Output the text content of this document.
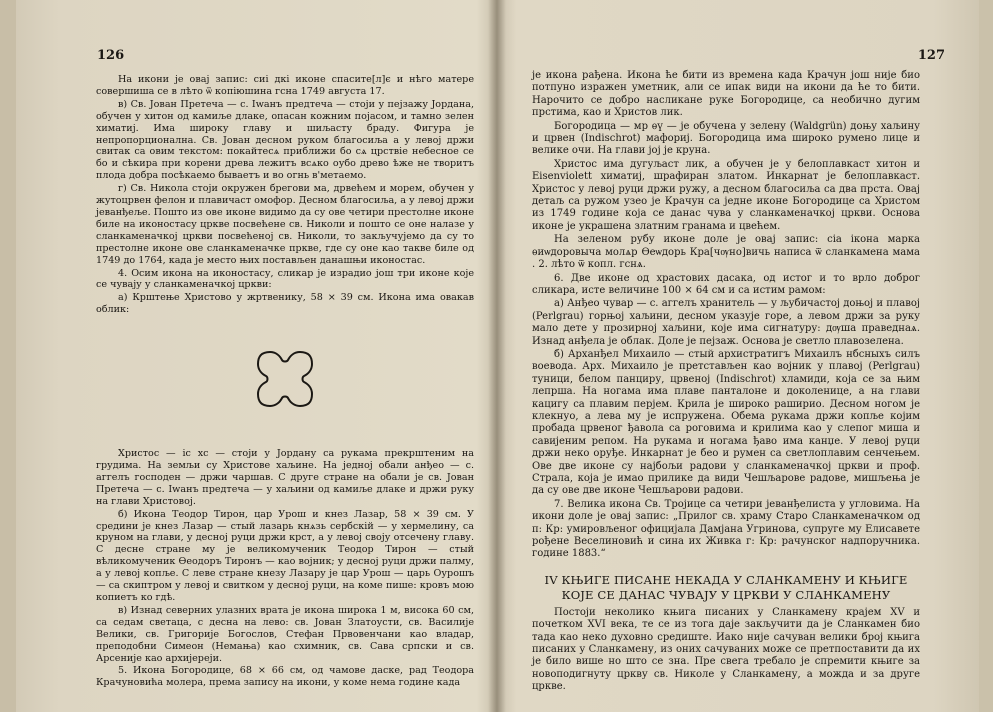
126

На икони је овај запис: сиі дкі иконе спасите[л]є и нѣго матере совершиша се в лѣто ѿ копіюшина гсна 1749 августа 17.

в) Св. Јован Претеча — с. Іwанъ предтеча — стоји у пејзажу Јордана, обучен у хитон од камиље длаке, опасан кожним појасом, и тамно зелен химатиј. Има широку главу и шиљасту браду. Фигура је непропорционална. Св. Јован десном руком благосиља а у левој држи свитак са овим текстом: покайтесѧ приближи бо сѧ црствіе небесное се бо и сѣкира при корени древа лежитъ всѧко оубо древо ѣже не творитъ плода добра посѣкаемо бываетъ и во огнь в'метаемо.

г) Св. Никола стоји окружен брегови ма, дрвећем и морем, обучен у жутоцрвен фелон и плавичаст омофор. Десном благосиља, а у левој држи јеванђеље. Пошто из ове иконе видимо да су ове четири престолне иконе биле на иконостасу цркве посвећене св. Николи и пошто се оне налазе у сланкаменачкој цркви посвећеној св. Николи, то закључујемо да су то престолне иконе ове сланкаменачке прквe, где су оне као такве биле од 1749 до 1764, када је место њих постављен данашњи иконостас.

4. Осим икона на иконостасу, сликар је израдио још три иконе које се чувају у сланкаменачкој цркви:

а) Крштење Христово у жртвенику, 58 × 39 см. Икона има овакав облик:

Христос — іс хс — стоји у Јордану са рукама прекрштеним на грудима. На земљи су Христове хаљине. На једној обали анђео — с. аггелъ господен — држи чаршав. С друге стране на обали је св. Јован Претеча — с. Іwанъ предтеча — у хаљини од камиље длаке и држи руку на глави Христовој.

б) Икона Теодор Тирон, цар Урош и кнез Лазар, 58 × 39 см. У средини је кнез Лазар — стый лазарь кнѧзь сербскій — у хермелину, са круном на глави, у десној руци држи крст, а у левој своју отсечену главу. С десне стране му је великомученик Теодор Тирон — стый вѣликомученик Ѳеодоръ Тиронъ — као војник; у десној руци држи палму, а у левој копље. С леве стране кнезу Лазару је цар Урош — царь Оурошъ — са скиптром у левој и свитком у десној руци, на коме пише: кровъ мою копиетъ ко гдѣ.

в) Изнад северних улазних врата је икона широка 1 м, висока 60 см, са седам светаца, с десна на лево: св. Јован Златоусти, св. Василије Велики, св. Григорије Богослов, Стефан Првовенчани као владар, преподобни Симеон (Немања) као схимник, св. Сава српски и св. Арсеније као архијереји.

5. Икона Богородице, 68 × 66 см, од чамове даске, рад Теодора Крачуновића молера, према запису на икони, у коме нема године када

127

је икона рађена. Икона ће бити из времена када Крачун још није био потпуно изражен уметник, али се ипак види на икони да ће то бити. Нарочито се добро насликане руке Богородице, са необично дугим прстима, као и Христов лик.

Богородица — мр ѳү — је обучена у зелену (Waldgrün) доњу хаљину и црвен (Indischrot) мафориј. Богородица има широко румено лице и велике очи. На глави јој је круна.

Христос има дугуљаст лик, а обучен је у белоплавкаст хитон и Eisenviolett химатиј, шрафиран златом. Инкарнат је белоплавкаст. Христос у левој руци држи ружу, а десном благосиља са два прста. Овај детаљ са ружом узео је Крачун са једне иконе Богородице са Христом из 1749 године која се данас чува у сланкаменачкој цркви. Основа иконе је украшена златним гранама и цвећем.

На зеленом рубу иконе доле је овај запис: сіа ікона марка ѳиѡдоровыча молѧр Ѳеѡдорь Кра[чѹно]вичь написа ѿ сланкамена мама . 2. лѣто ѿ копл. гснѧ.

6. Две иконе од храстових дасака, од истог и то врло доброг сликара, исте величине 100 × 64 см и са истим рамом:

а) Анђео чувар — с. аггелъ хранитель — у љубичастој доњој и плавој (Perlgrau) горњој хаљини, десном указује горе, а левом држи за руку мало дете у прозирној хаљини, које има сигнатуру: дѹша праведнаѧ. Изнад анђела је облак. Доле је пејзаж. Основа је светло плавозелена.

б) Арханђел Михаило — стый архистратигъ Михаилъ нбсныхъ силъ воевода. Арх. Михаило је претстављен као војник у плавој (Perlgrau) туници, белом панциру, црвеној (Indischrot) хламиди, која се за њим лепрша. На ногама има плаве панталоне и доколенице, а на глави кацигу са плавим перјем. Крила је широко раширио. Десном ногом је клекнуо, а лева му је испружена. Обема рукама држи копље којим пробада црвеног ђавола са роговима и крилима као у слепог миша и савијеним репом. На рукама и ногама ђаво има канџе. У левој руци држи неко оруђе. Инкарнат је бео и румен са светлоплавим сенчењем. Ове две иконе су најбољи радови у сланкаменачкој цркви и проф. Страла, која је имао прилике да види Чешљарове радове, мишљења је да су ове две иконе Чешљарови радови.

7. Велика икона Св. Тројице са четири јеванђелиста у угловима. На икони доле је овај запис: „Прилог св. храму Старо Сланкаменачком од п: Кр: умировљеног официјала Дамјана Угринова, супруге му Елисавете рођене Веселиновић и сина их Живка г: Кр: рачунског надпоручника. године 1883.“

IV КЊИГЕ ПИСАНЕ НЕКАДА У СЛАНКАМЕНУ И КЊИГЕ КОЈЕ СЕ ДАНАС ЧУВАЈУ У ЦРКВИ У СЛАНКАМЕНУ

Постоји неколико књига писаних у Сланкамену крајем XV и почетком XVI века, те се из тога даје закључити да је Сланкамен био тада као неко духовно средиште. Иако није сачуван велики број књига писаних у Сланкамену, из оних сачуваних може се претпоставити да их је било више но што се зна. Пре свега требало је спремити књиге за новоподигнуту цркву св. Николе у Сланкамену, а можда и за друге цркве.
